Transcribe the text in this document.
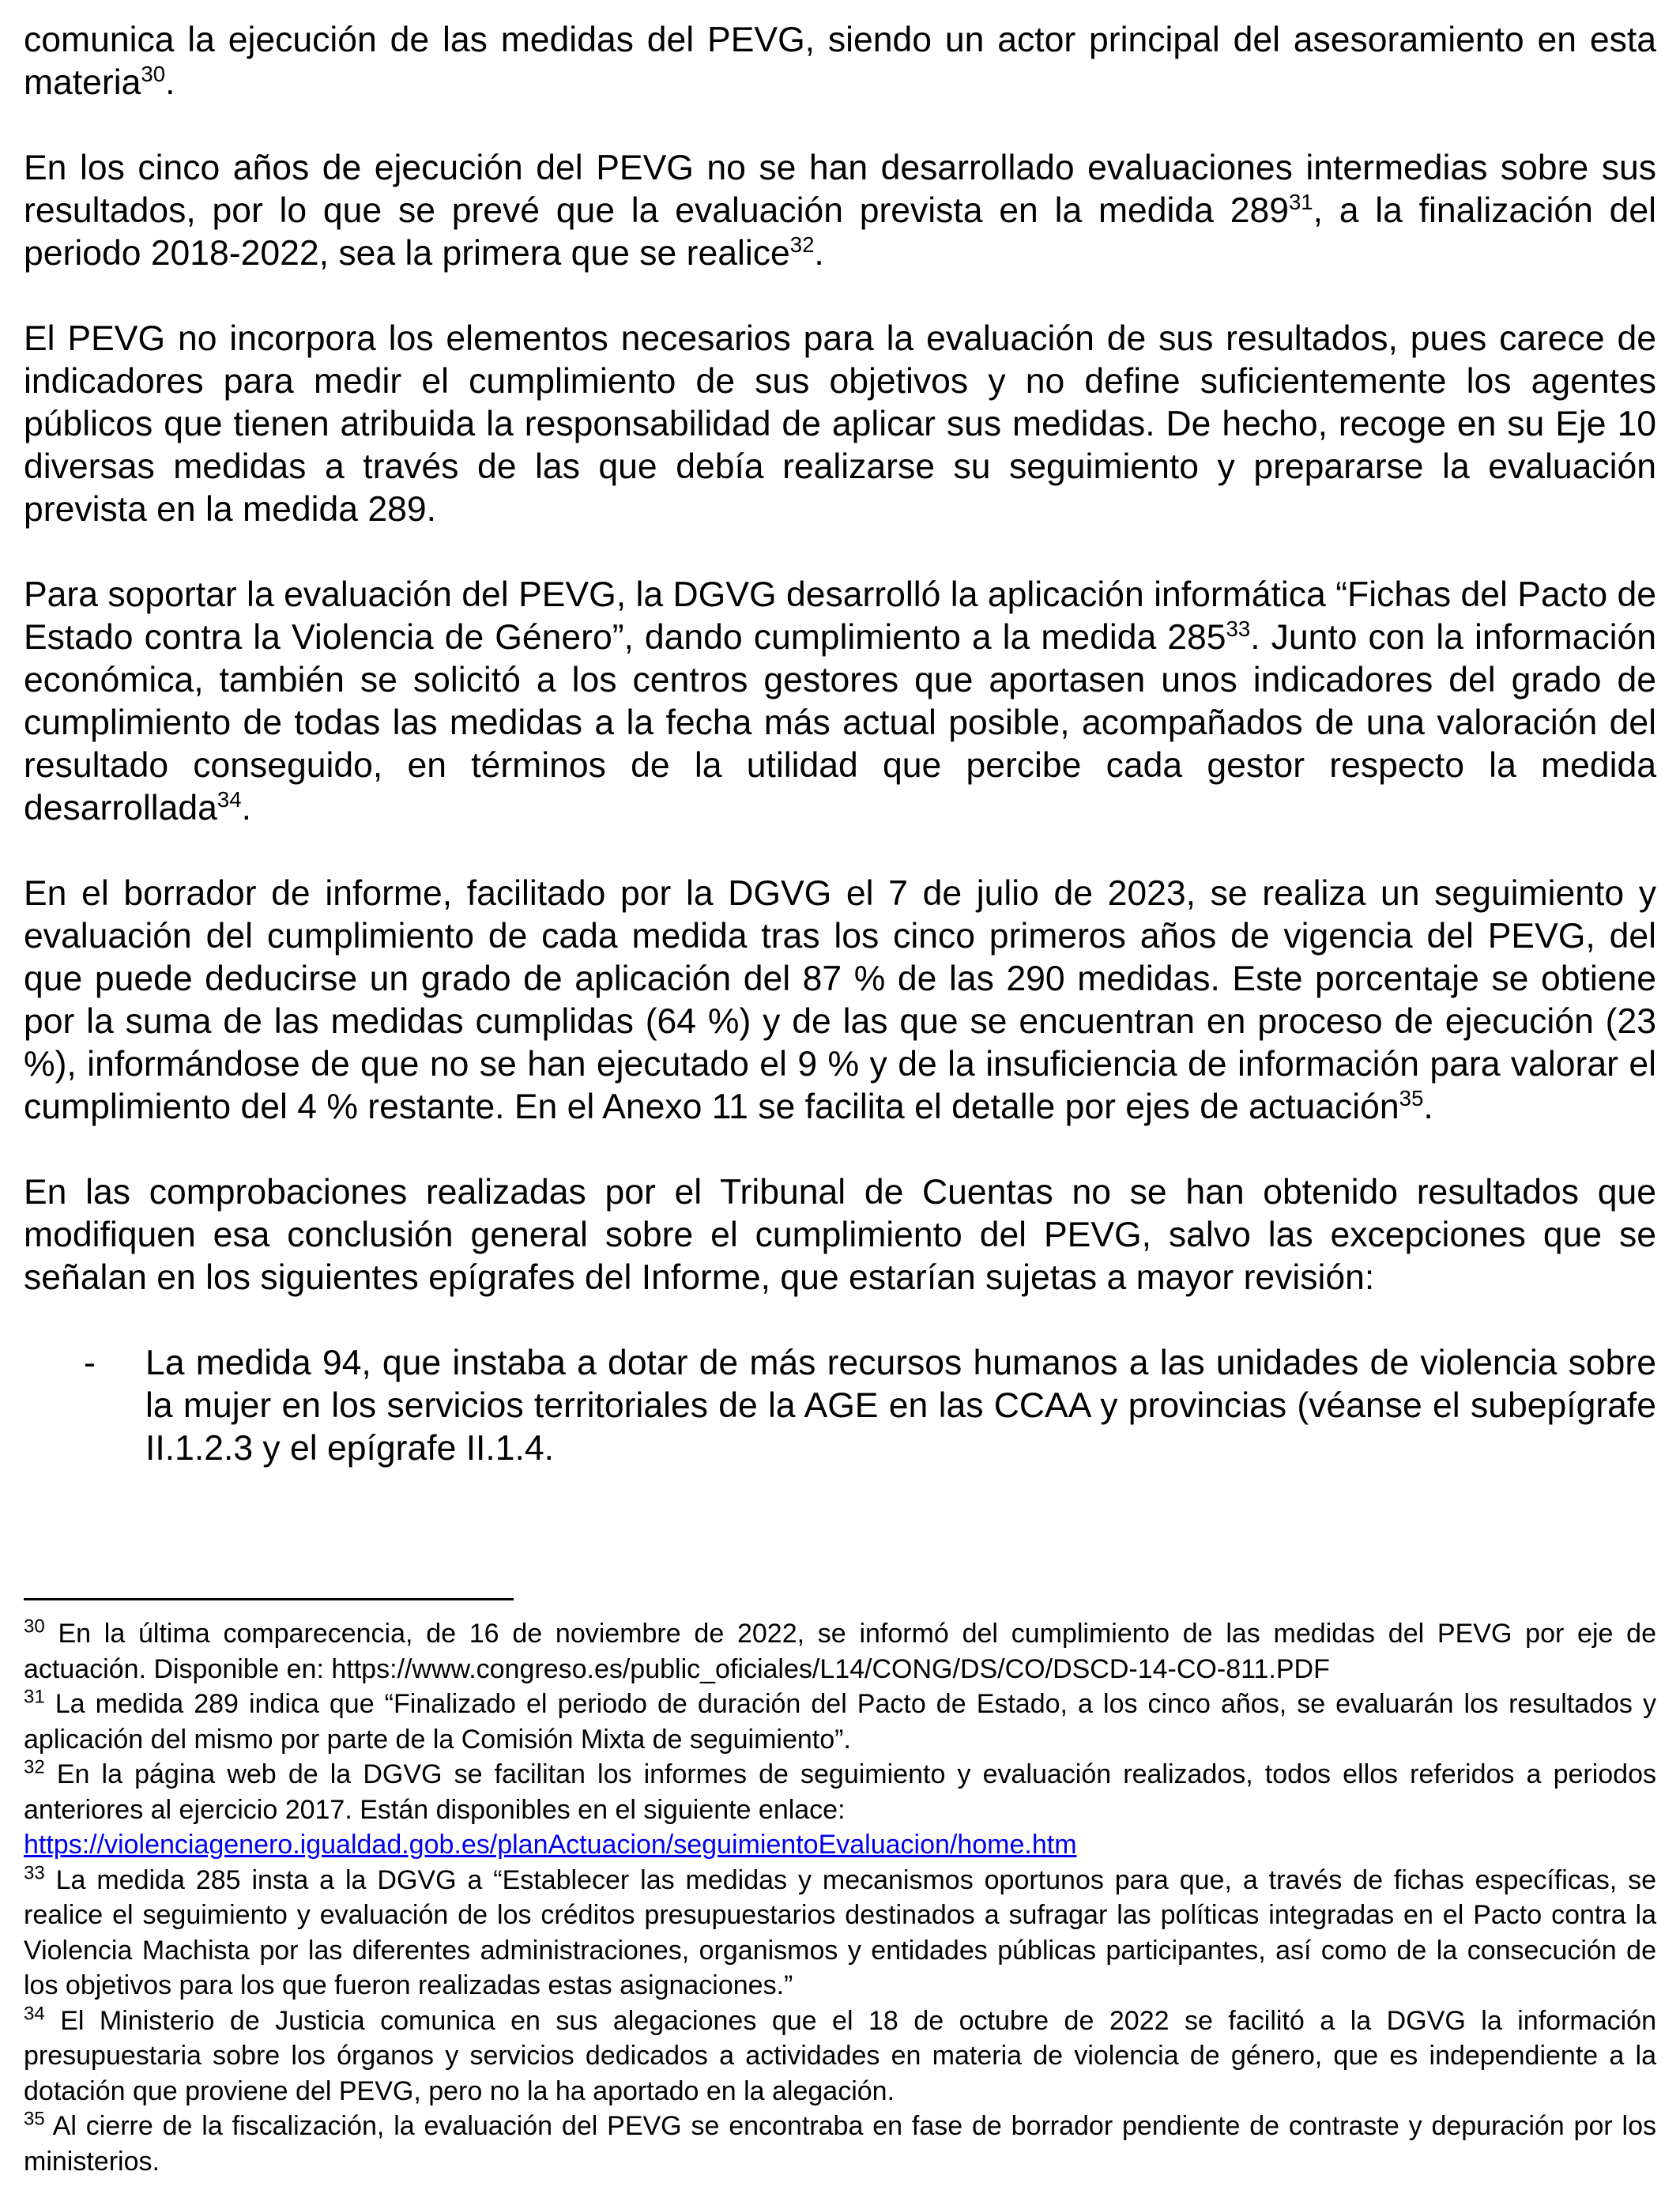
comunica la ejecución de las medidas del PEVG, siendo un actor principal del asesoramiento en esta materia$^{30}$.

En los cinco años de ejecución del PEVG no se han desarrollado evaluaciones intermedias sobre sus resultados, por lo que se prevé que la evaluación prevista en la medida $289^{31}$, a la finalización del periodo 2018-2022, sea la primera que se realice$^{32}$.

El PEVG no incorpora los elementos necesarios para la evaluación de sus resultados, pues carece de indicadores para medir el cumplimiento de sus objetivos y no define suficientemente los agentes públicos que tienen atribuida la responsabilidad de aplicar sus medidas. De hecho, recoge en su Eje 10 diversas medidas a través de las que debía realizarse su seguimiento y prepararse la evaluación prevista en la medida 289.

Para soportar la evaluación del PEVG, la DGVG desarrolló la aplicación informática “Fichas del Pacto de Estado contra la Violencia de Género”, dando cumplimiento a la medida $285^{33}$. Junto con la información económica, también se solicitó a los centros gestores que aportasen unos indicadores del grado de cumplimiento de todas las medidas a la fecha más actual posible, acompañados de una valoración del resultado conseguido, en términos de la utilidad que percibe cada gestor respecto la medida desarrollada$^{34}$.

En el borrador de informe, facilitado por la DGVG el 7 de julio de 2023, se realiza un seguimiento y evaluación del cumplimiento de cada medida tras los cinco primeros años de vigencia del PEVG, del que puede deducirse un grado de aplicación del 87 % de las 290 medidas. Este porcentaje se obtiene por la suma de las medidas cumplidas (64 %) y de las que se encuentran en proceso de ejecución (23 %), informándose de que no se han ejecutado el 9 % y de la insuficiencia de información para valorar el cumplimiento del 4 % restante. En el Anexo 11 se facilita el detalle por ejes de actuación$^{35}$.

En las comprobaciones realizadas por el Tribunal de Cuentas no se han obtenido resultados que modifiquen esa conclusión general sobre el cumplimiento del PEVG, salvo las excepciones que se señalan en los siguientes epígrafes del Informe, que estarían sujetas a mayor revisión:

- La medida 94, que instaba a dotar de más recursos humanos a las unidades de violencia sobre la mujer en los servicios territoriales de la AGE en las CCAA y provincias (véanse el subepígrafe II.1.2.3 y el epígrafe II.1.4.

$^{30}$ En la última comparecencia, de 16 de noviembre de 2022, se informó del cumplimiento de las medidas del PEVG por eje de actuación. Disponible en: https://www.congreso.es/public_oficiales/L14/CONG/DS/CO/DSCD-14-CO-811.PDF

$^{31}$ La medida 289 indica que “Finalizado el periodo de duración del Pacto de Estado, a los cinco años, se evaluarán los resultados y aplicación del mismo por parte de la Comisión Mixta de seguimiento”.

$^{32}$ En la página web de la DGVG se facilitan los informes de seguimiento y evaluación realizados, todos ellos referidos a periodos anteriores al ejercicio 2017. Están disponibles en el siguiente enlace:
https://violenciagenero.igualdad.gob.es/planActuacion/seguimientoEvaluacion/home.htm

$^{33}$ La medida 285 insta a la DGVG a “Establecer las medidas y mecanismos oportunos para que, a través de fichas específicas, se realice el seguimiento y evaluación de los créditos presupuestarios destinados a sufragar las políticas integradas en el Pacto contra la Violencia Machista por las diferentes administraciones, organismos y entidades públicas participantes, así como de la consecución de los objetivos para los que fueron realizadas estas asignaciones.”

$^{34}$ El Ministerio de Justicia comunica en sus alegaciones que el 18 de octubre de 2022 se facilitó a la DGVG la información presupuestaria sobre los órganos y servicios dedicados a actividades en materia de violencia de género, que es independiente a la dotación que proviene del PEVG, pero no la ha aportado en la alegación.

$^{35}$ Al cierre de la fiscalización, la evaluación del PEVG se encontraba en fase de borrador pendiente de contraste y depuración por los ministerios.
